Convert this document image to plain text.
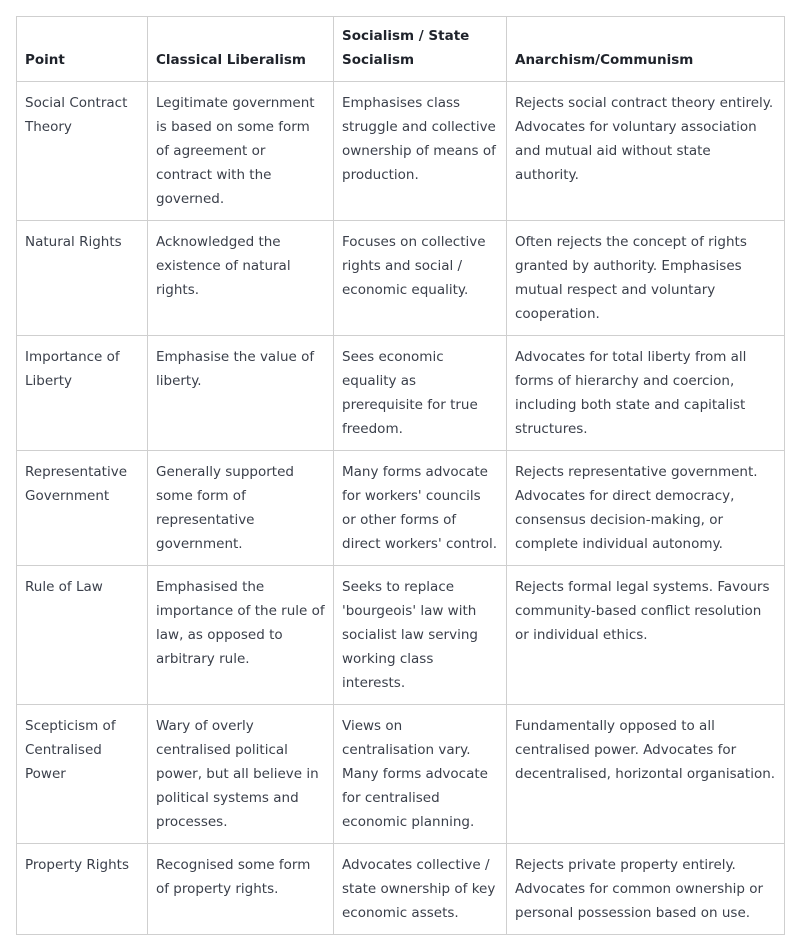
Point	Classical Liberalism	Socialism / State Socialism	Anarchism/Communism
Social Contract Theory	Legitimate government is based on some form of agreement or contract with the governed.	Emphasises class struggle and collective ownership of means of production.	Rejects social contract theory entirely. Advocates for voluntary association and mutual aid without state authority.
Natural Rights	Acknowledged the existence of natural rights.	Focuses on collective rights and social / economic equality.	Often rejects the concept of rights granted by authority. Emphasises mutual respect and voluntary cooperation.
Importance of Liberty	Emphasise the value of liberty.	Sees economic equality as prerequisite for true freedom.	Advocates for total liberty from all forms of hierarchy and coercion, including both state and capitalist structures.
Representative Government	Generally supported some form of representative government.	Many forms advocate for workers' councils or other forms of direct workers' control.	Rejects representative government. Advocates for direct democracy, consensus decision-making, or complete individual autonomy.
Rule of Law	Emphasised the importance of the rule of law, as opposed to arbitrary rule.	Seeks to replace 'bourgeois' law with socialist law serving working class interests.	Rejects formal legal systems. Favours community-based conflict resolution or individual ethics.
Scepticism of Centralised Power	Wary of overly centralised political power, but all believe in political systems and processes.	Views on centralisation vary. Many forms advocate for centralised economic planning.	Fundamentally opposed to all centralised power. Advocates for decentralised, horizontal organisation.
Property Rights	Recognised some form of property rights.	Advocates collective / state ownership of key economic assets.	Rejects private property entirely. Advocates for common ownership or personal possession based on use.
